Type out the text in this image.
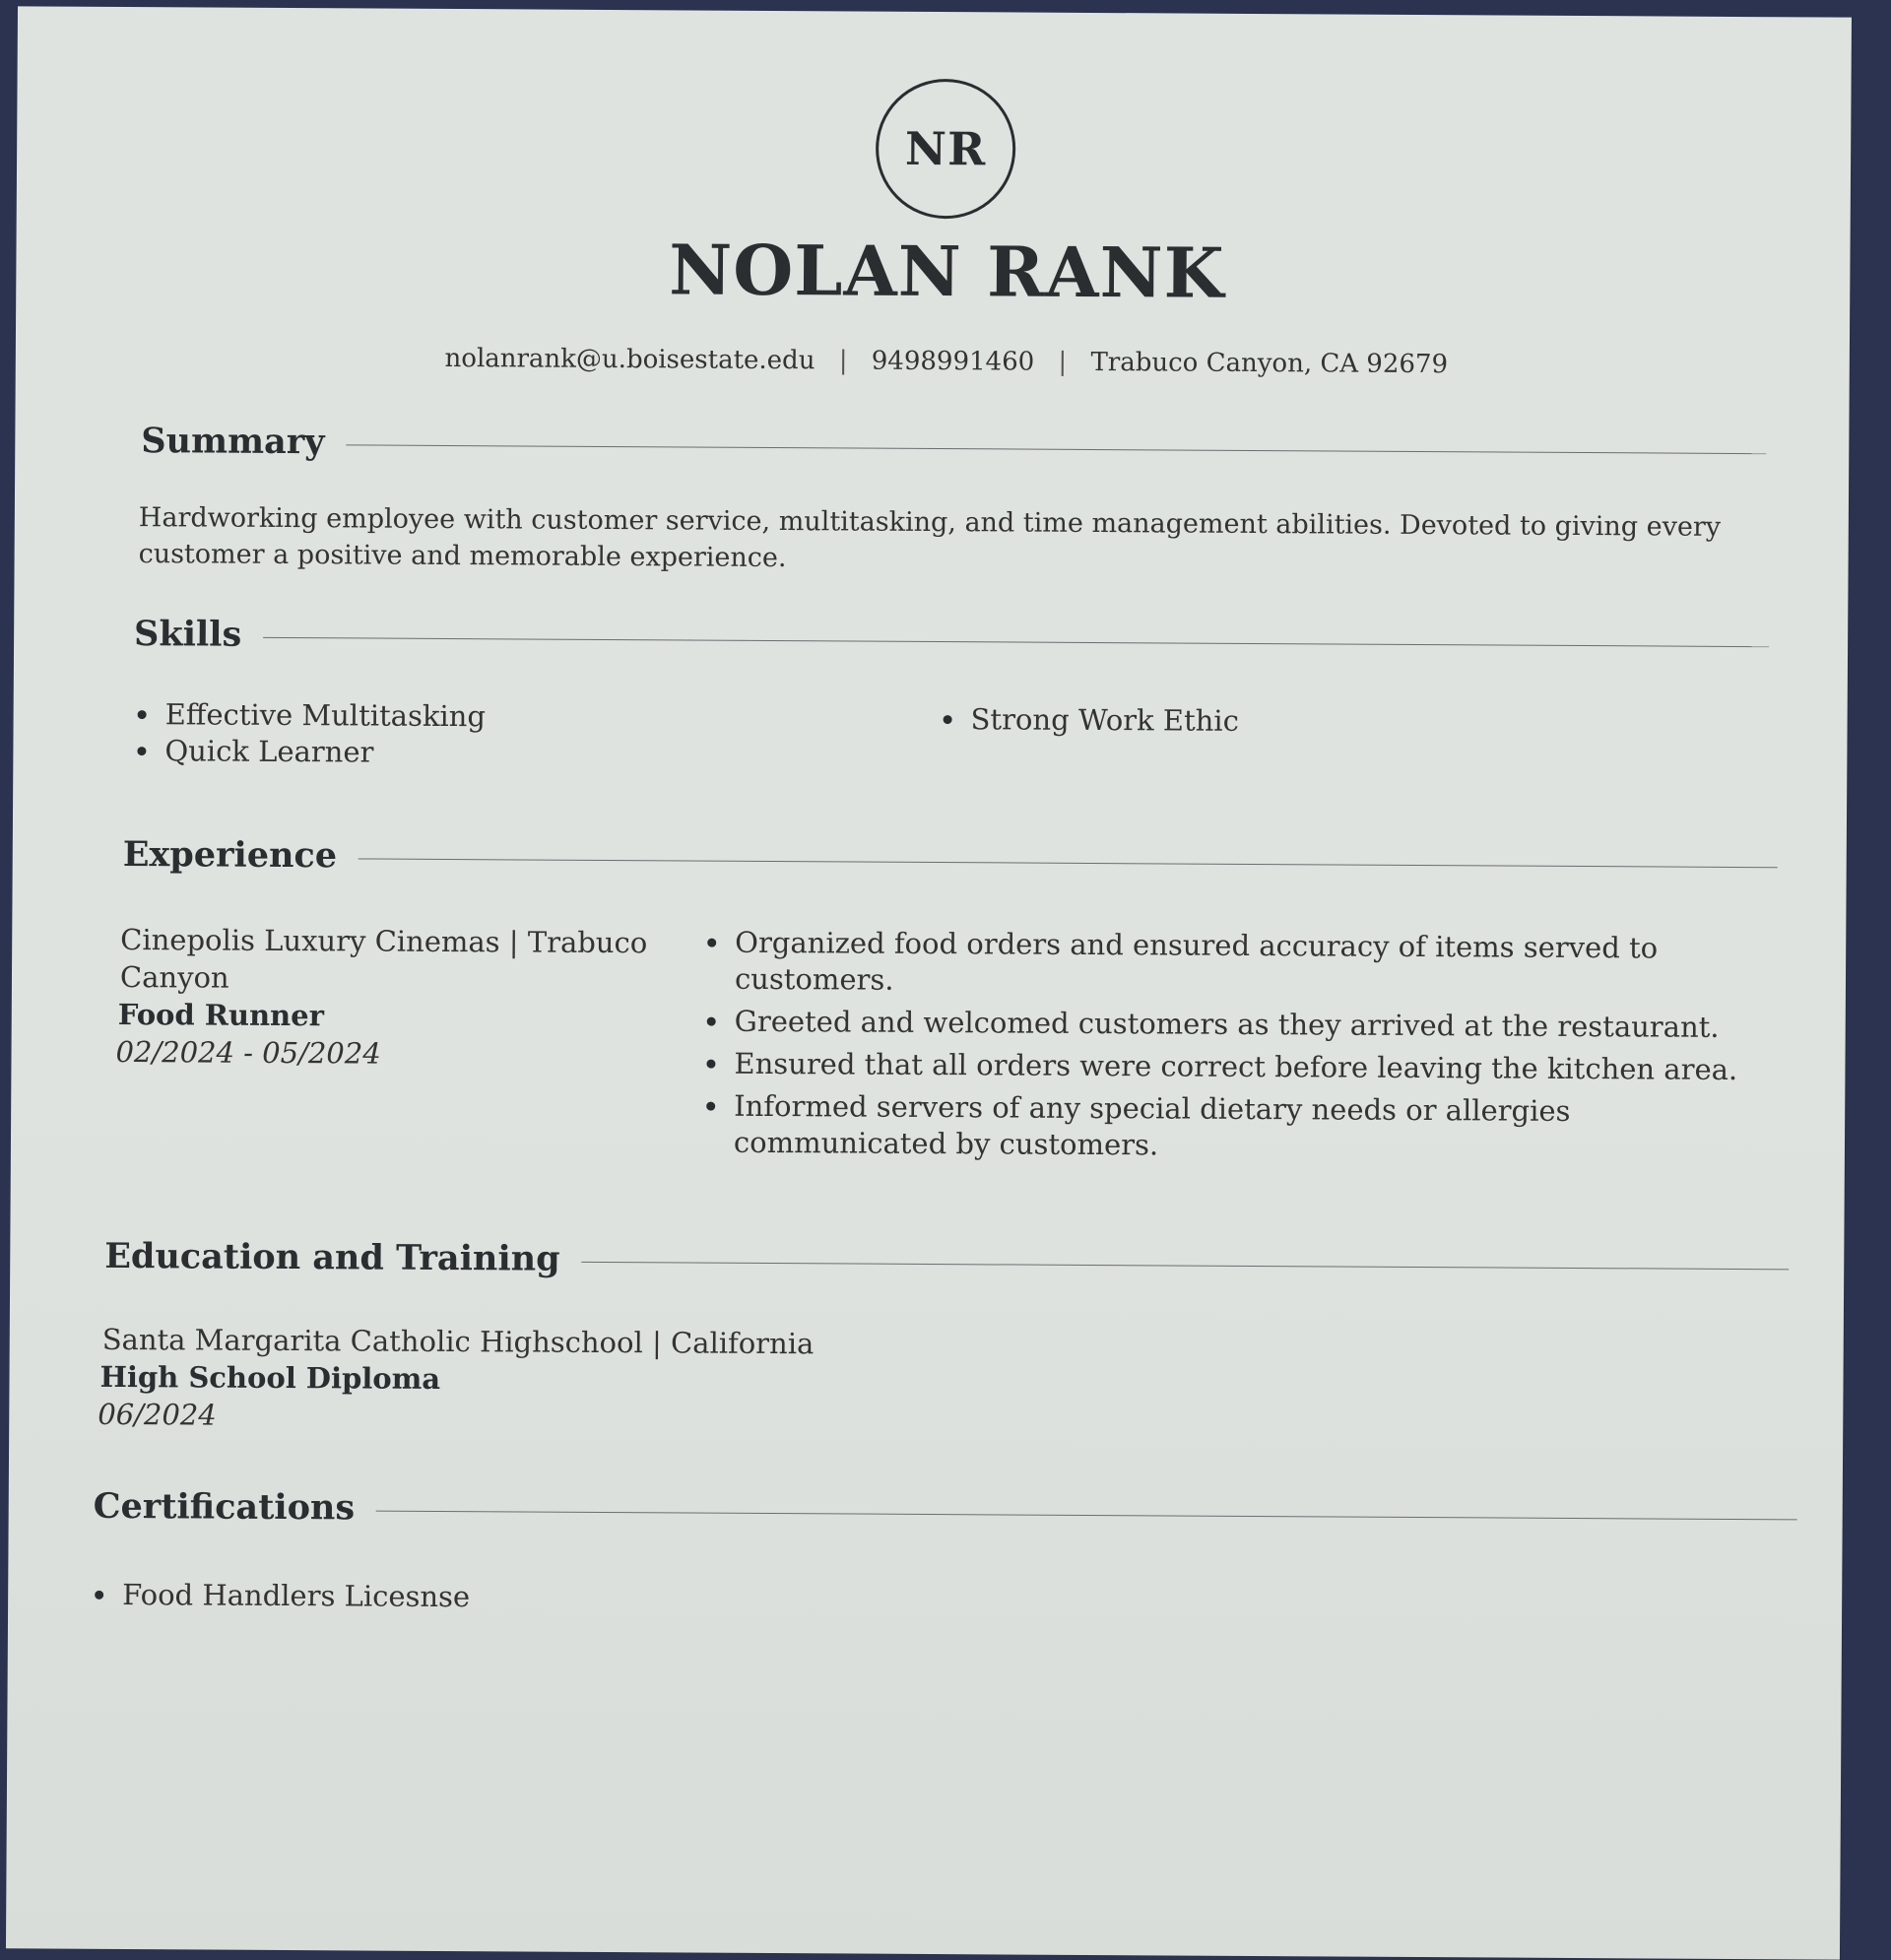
NR
NOLAN RANK
nolanrank@u.boisestate.edu | 9498991460 | Trabuco Canyon, CA 92679
Summary
Hardworking employee with customer service, multitasking, and time management abilities. Devoted to giving every customer a positive and memorable experience.
Skills
Effective Multitasking
Quick Learner
Strong Work Ethic
Experience
Cinepolis Luxury Cinemas | Trabuco
Canyon
Food Runner
02/2024 - 05/2024
Organized food orders and ensured accuracy of items served to customers.
Greeted and welcomed customers as they arrived at the restaurant.
Ensured that all orders were correct before leaving the kitchen area.
Informed servers of any special dietary needs or allergies communicated by customers.
Education and Training
Santa Margarita Catholic Highschool | California
High School Diploma
06/2024
Certifications
Food Handlers Licesnse
